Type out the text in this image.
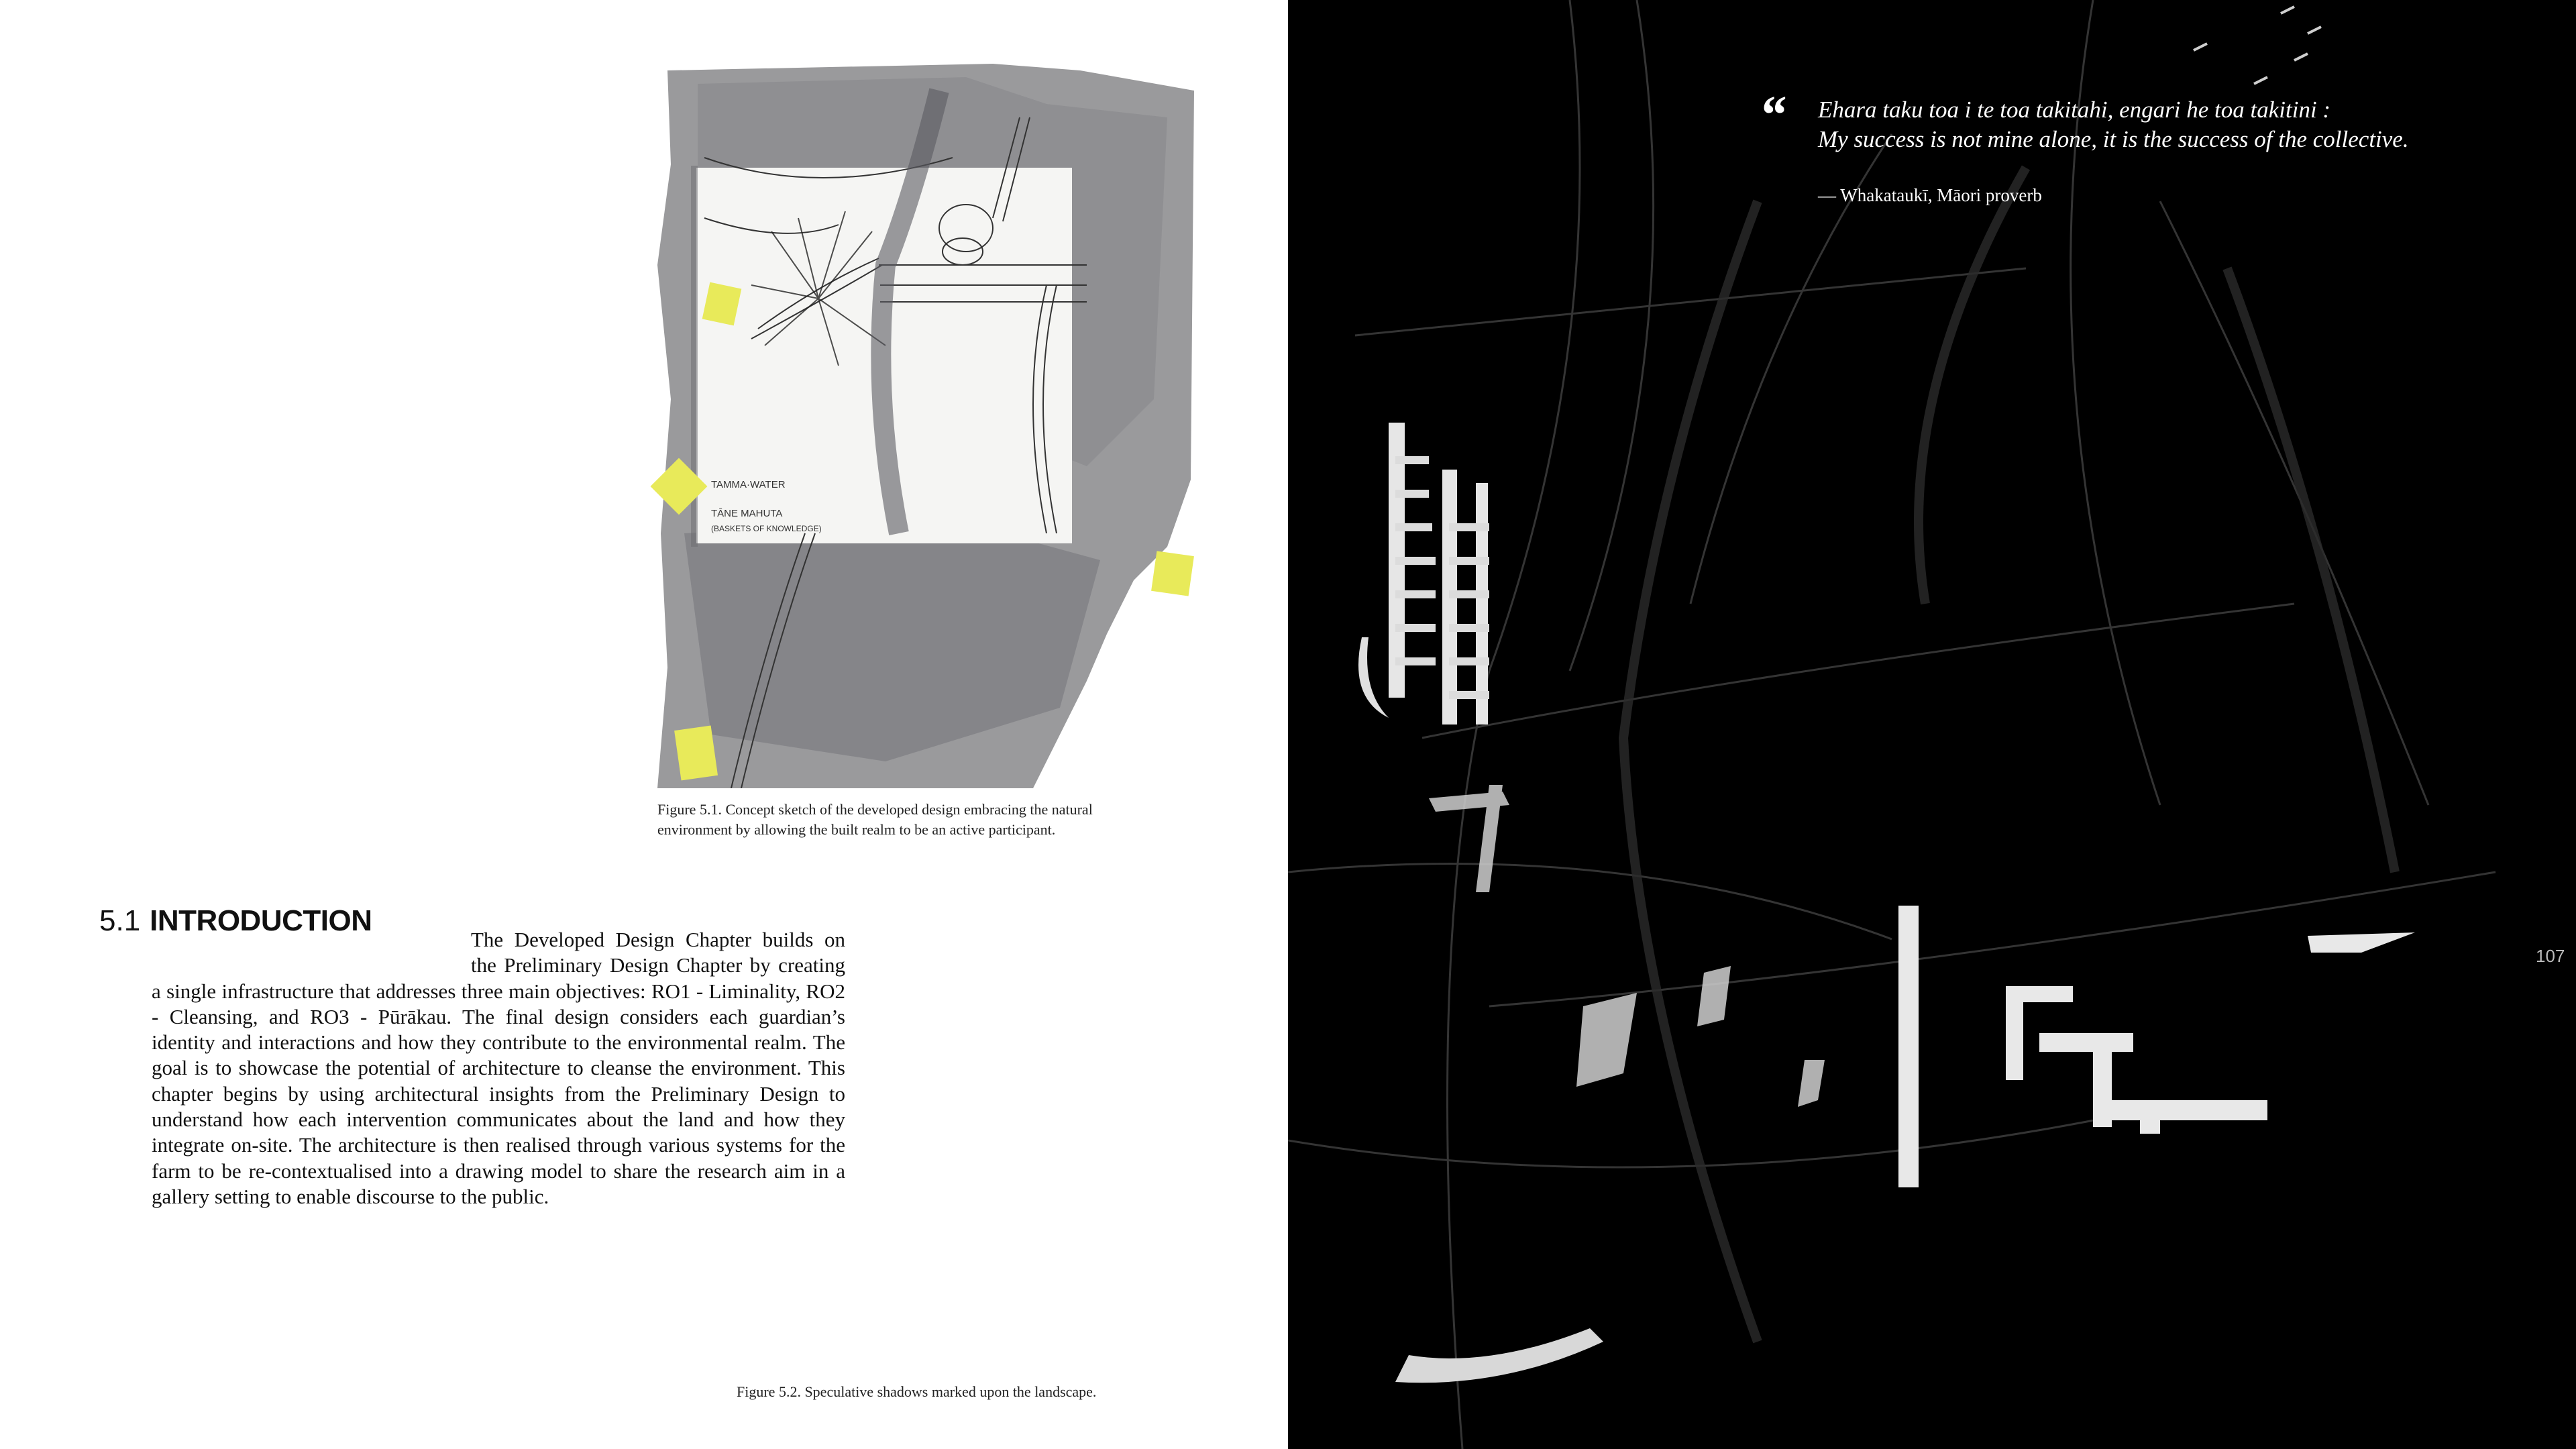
TAMMA·WATER
TĀNE MAHUTA
(BASKETS OF KNOWLEDGE)
Figure 5.1. Concept sketch of the developed design embracing the natural environment by allowing the built realm to be an active participant.
5.1 INTRODUCTION
The Developed Design Chapter builds on the Preliminary Design Chapter by creating a single infrastructure that addresses three main objectives: RO1 - Liminality, RO2 - Cleansing, and RO3 - Pūrākau. The final design considers each guardian’s identity and interactions and how they contribute to the environmental realm. The goal is to showcase the potential of architecture to cleanse the environment. This chapter begins by using architectural insights from the Preliminary Design to understand how each intervention communicates about the land and how they integrate on-site. The architecture is then realised through various systems for the farm to be re-contextualised into a drawing model to share the research aim in a gallery setting to enable discourse to the public.
Figure 5.2. Speculative shadows marked upon the landscape.
“ Ehara taku toa i te toa takitahi, engari he toa takitini :
My success is not mine alone, it is the success of the collective.
— Whakataukī, Māori proverb
107
